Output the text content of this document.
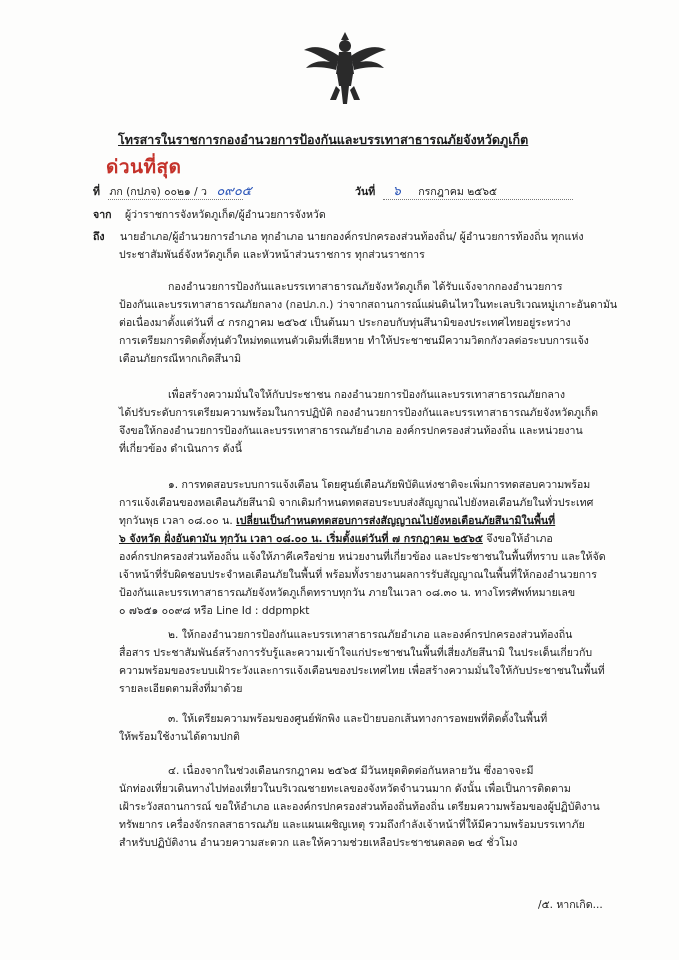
โทรสารในราชการกองอำนวยการป้องกันและบรรเทาสาธารณภัยจังหวัดภูเก็ต
ด่วนที่สุด
ที่ ภก (กปภจ) ๐๐๒๑ / ว ๐๙๐๕	วันที่ ๖ กรกฎาคม ๒๕๖๕
จาก ผู้ว่าราชการจังหวัดภูเก็ต/ผู้อำนวยการจังหวัด
ถึง นายอำเภอ/ผู้อำนวยการอำเภอ ทุกอำเภอ นายกองค์กรปกครองส่วนท้องถิ่น/ ผู้อำนวยการท้องถิ่น ทุกแห่ง
ประชาสัมพันธ์จังหวัดภูเก็ต และหัวหน้าส่วนราชการ ทุกส่วนราชการ
กองอำนวยการป้องกันและบรรเทาสาธารณภัยจังหวัดภูเก็ต ได้รับแจ้งจากกองอำนวยการ
ป้องกันและบรรเทาสาธารณภัยกลาง (กอปภ.ก.) ว่าจากสถานการณ์แผ่นดินไหวในทะเลบริเวณหมู่เกาะอันดามัน
ต่อเนื่องมาตั้งแต่วันที่ ๔ กรกฎาคม ๒๕๖๕ เป็นต้นมา ประกอบกับทุ่นสึนามิของประเทศไทยอยู่ระหว่าง
การเตรียมการติดตั้งทุ่นตัวใหม่ทดแทนตัวเดิมที่เสียหาย ทำให้ประชาชนมีความวิตกกังวลต่อระบบการแจ้ง
เตือนภัยกรณีหากเกิดสึนามิ
เพื่อสร้างความมั่นใจให้กับประชาชน กองอำนวยการป้องกันและบรรเทาสาธารณภัยกลาง
ได้ปรับระดับการเตรียมความพร้อมในการปฏิบัติ กองอำนวยการป้องกันและบรรเทาสาธารณภัยจังหวัดภูเก็ต
จึงขอให้กองอำนวยการป้องกันและบรรเทาสาธารณภัยอำเภอ องค์กรปกครองส่วนท้องถิ่น และหน่วยงาน
ที่เกี่ยวข้อง ดำเนินการ ดังนี้
๑. การทดสอบระบบการแจ้งเตือน โดยศูนย์เตือนภัยพิบัติแห่งชาติจะเพิ่มการทดสอบความพร้อม
การแจ้งเตือนของหอเตือนภัยสึนามิ จากเดิมกำหนดทดสอบระบบส่งสัญญาณไปยังหอเตือนภัยในทั่วประเทศ
ทุกวันพุธ เวลา ๐๘.๐๐ น. เปลี่ยนเป็นกำหนดทดสอบการส่งสัญญาณไปยังหอเตือนภัยสึนามิในพื้นที่
๖ จังหวัด ฝั่งอันดามัน ทุกวัน เวลา ๐๘.๐๐ น. เริ่มตั้งแต่วันที่ ๗ กรกฎาคม ๒๕๖๕ จึงขอให้อำเภอ
องค์กรปกครองส่วนท้องถิ่น แจ้งให้ภาคีเครือข่าย หน่วยงานที่เกี่ยวข้อง และประชาชนในพื้นที่ทราบ และให้จัด
เจ้าหน้าที่รับผิดชอบประจำหอเตือนภัยในพื้นที่ พร้อมทั้งรายงานผลการรับสัญญาณในพื้นที่ให้กองอำนวยการ
ป้องกันและบรรเทาสาธารณภัยจังหวัดภูเก็ตทราบทุกวัน ภายในเวลา ๐๘.๓๐ น. ทางโทรศัพท์หมายเลข
๐ ๗๖๕๑ ๐๐๙๘ หรือ Line Id : ddpmpkt
๒. ให้กองอำนวยการป้องกันและบรรเทาสาธารณภัยอำเภอ และองค์กรปกครองส่วนท้องถิ่น
สื่อสาร ประชาสัมพันธ์สร้างการรับรู้และความเข้าใจแก่ประชาชนในพื้นที่เสี่ยงภัยสึนามิ ในประเด็นเกี่ยวกับ
ความพร้อมของระบบเฝ้าระวังและการแจ้งเตือนของประเทศไทย เพื่อสร้างความมั่นใจให้กับประชาชนในพื้นที่
รายละเอียดตามสิ่งที่มาด้วย
๓. ให้เตรียมความพร้อมของศูนย์พักพิง และป้ายบอกเส้นทางการอพยพที่ติดตั้งในพื้นที่
ให้พร้อมใช้งานได้ตามปกติ
๔. เนื่องจากในช่วงเดือนกรกฎาคม ๒๕๖๕ มีวันหยุดติดต่อกันหลายวัน ซึ่งอาจจะมี
นักท่องเที่ยวเดินทางไปท่องเที่ยวในบริเวณชายทะเลของจังหวัดจำนวนมาก ดังนั้น เพื่อเป็นการติดตาม
เฝ้าระวังสถานการณ์ ขอให้อำเภอ และองค์กรปกครองส่วนท้องถิ่นท้องถิ่น เตรียมความพร้อมของผู้ปฏิบัติงาน
ทรัพยากร เครื่องจักรกลสาธารณภัย และแผนเผชิญเหตุ รวมถึงกำลังเจ้าหน้าที่ให้มีความพร้อมบรรเทาภัย
สำหรับปฏิบัติงาน อำนวยความสะดวก และให้ความช่วยเหลือประชาชนตลอด ๒๔ ชั่วโมง
/๕. หากเกิด...
